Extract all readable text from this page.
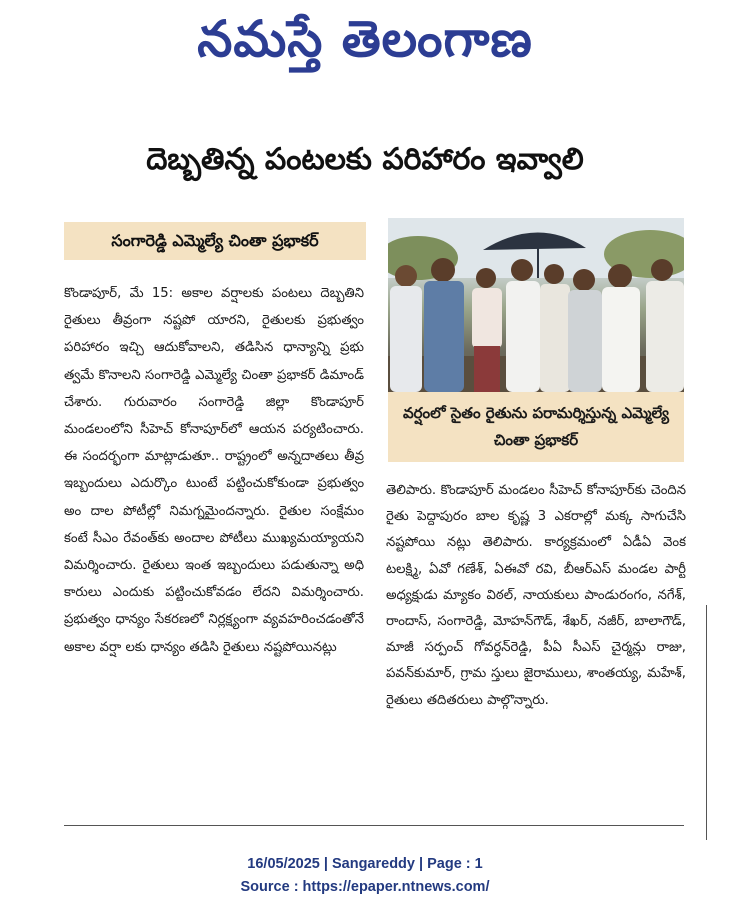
నమస్తే తెలంగాణ
దెబ్బతిన్న పంటలకు పరిహారం ఇవ్వాలి
సంగారెడ్డి ఎమ్మెల్యే చింతా ప్రభాకర్
కొండాపూర్, మే 15: అకాల వర్షాలకు పంటలు దెబ్బతిని రైతులు తీవ్రంగా నష్టపో యారని, రైతులకు ప్రభుత్వం పరిహారం ఇచ్చి ఆదుకోవాలని, తడిసిన ధాన్యాన్ని ప్రభు త్వమే కొనాలని సంగారెడ్డి ఎమ్మెల్యే చింతా ప్రభాకర్ డిమాండ్ చేశారు. గురువారం సంగారెడ్డి జిల్లా కొండాపూర్ మండలంలోని సీహెచ్ కోనాపూర్‌లో ఆయన పర్యటించారు. ఈ సందర్భంగా మాట్లాడుతూ.. రాష్ట్రంలో అన్నదాతలు తీవ్ర ఇబ్బందులు ఎదుర్కొం టుంటే పట్టించుకోకుండా ప్రభుత్వం అం దాల పోటీల్లో నిమగ్నమైందన్నారు. రైతుల సంక్షేమం కంటే సీఎం రేవంత్‌కు అందాల పోటీలు ముఖ్యమయ్యాయని విమర్శించారు. రైతులు ఇంత ఇబ్బందులు పడుతున్నా అధి కారులు ఎందుకు పట్టించుకోవడం లేదని విమర్శించారు. ప్రభుత్వం ధాన్యం సేకరణలో నిర్లక్ష్యంగా వ్యవహరించడంతోనే అకాల వర్షా లకు ధాన్యం తడిసి రైతులు నష్టపోయినట్లు
వర్షంలో సైతం రైతును పరామర్శిస్తున్న ఎమ్మెల్యే చింతా ప్రభాకర్
తెలిపారు. కొండాపూర్ మండలం సీహెచ్ కోనాపూర్‌కు చెందిన రైతు పెద్దాపురం బాల కృష్ణ 3 ఎకరాల్లో మక్క సాగుచేసి నష్టపోయి నట్లు తెలిపారు. కార్యక్రమంలో ఏడీఏ వెంక టలక్ష్మి, ఏవో గణేశ్, ఏఈవో రవి, బీఆర్‌ఎస్ మండల పార్టీ అధ్యక్షుడు మ్యాకం విఠల్, నాయకులు పాండురంగం, నగేశ్, రాందాస్, సంగారెడ్డి, మోహన్‌గౌడ్, శేఖర్, నజీర్, బాలాగౌడ్, మాజీ సర్పంచ్ గోవర్ధన్‌రెడ్డి, పీఏ సీఎస్ చైర్మన్లు రాజు, పవన్‌కుమార్, గ్రామ స్తులు జైరాములు, శాంతయ్య, మహేశ్, రైతులు తదితరులు పాల్గొన్నారు.
16/05/2025 | Sangareddy | Page : 1
Source : https://epaper.ntnews.com/
